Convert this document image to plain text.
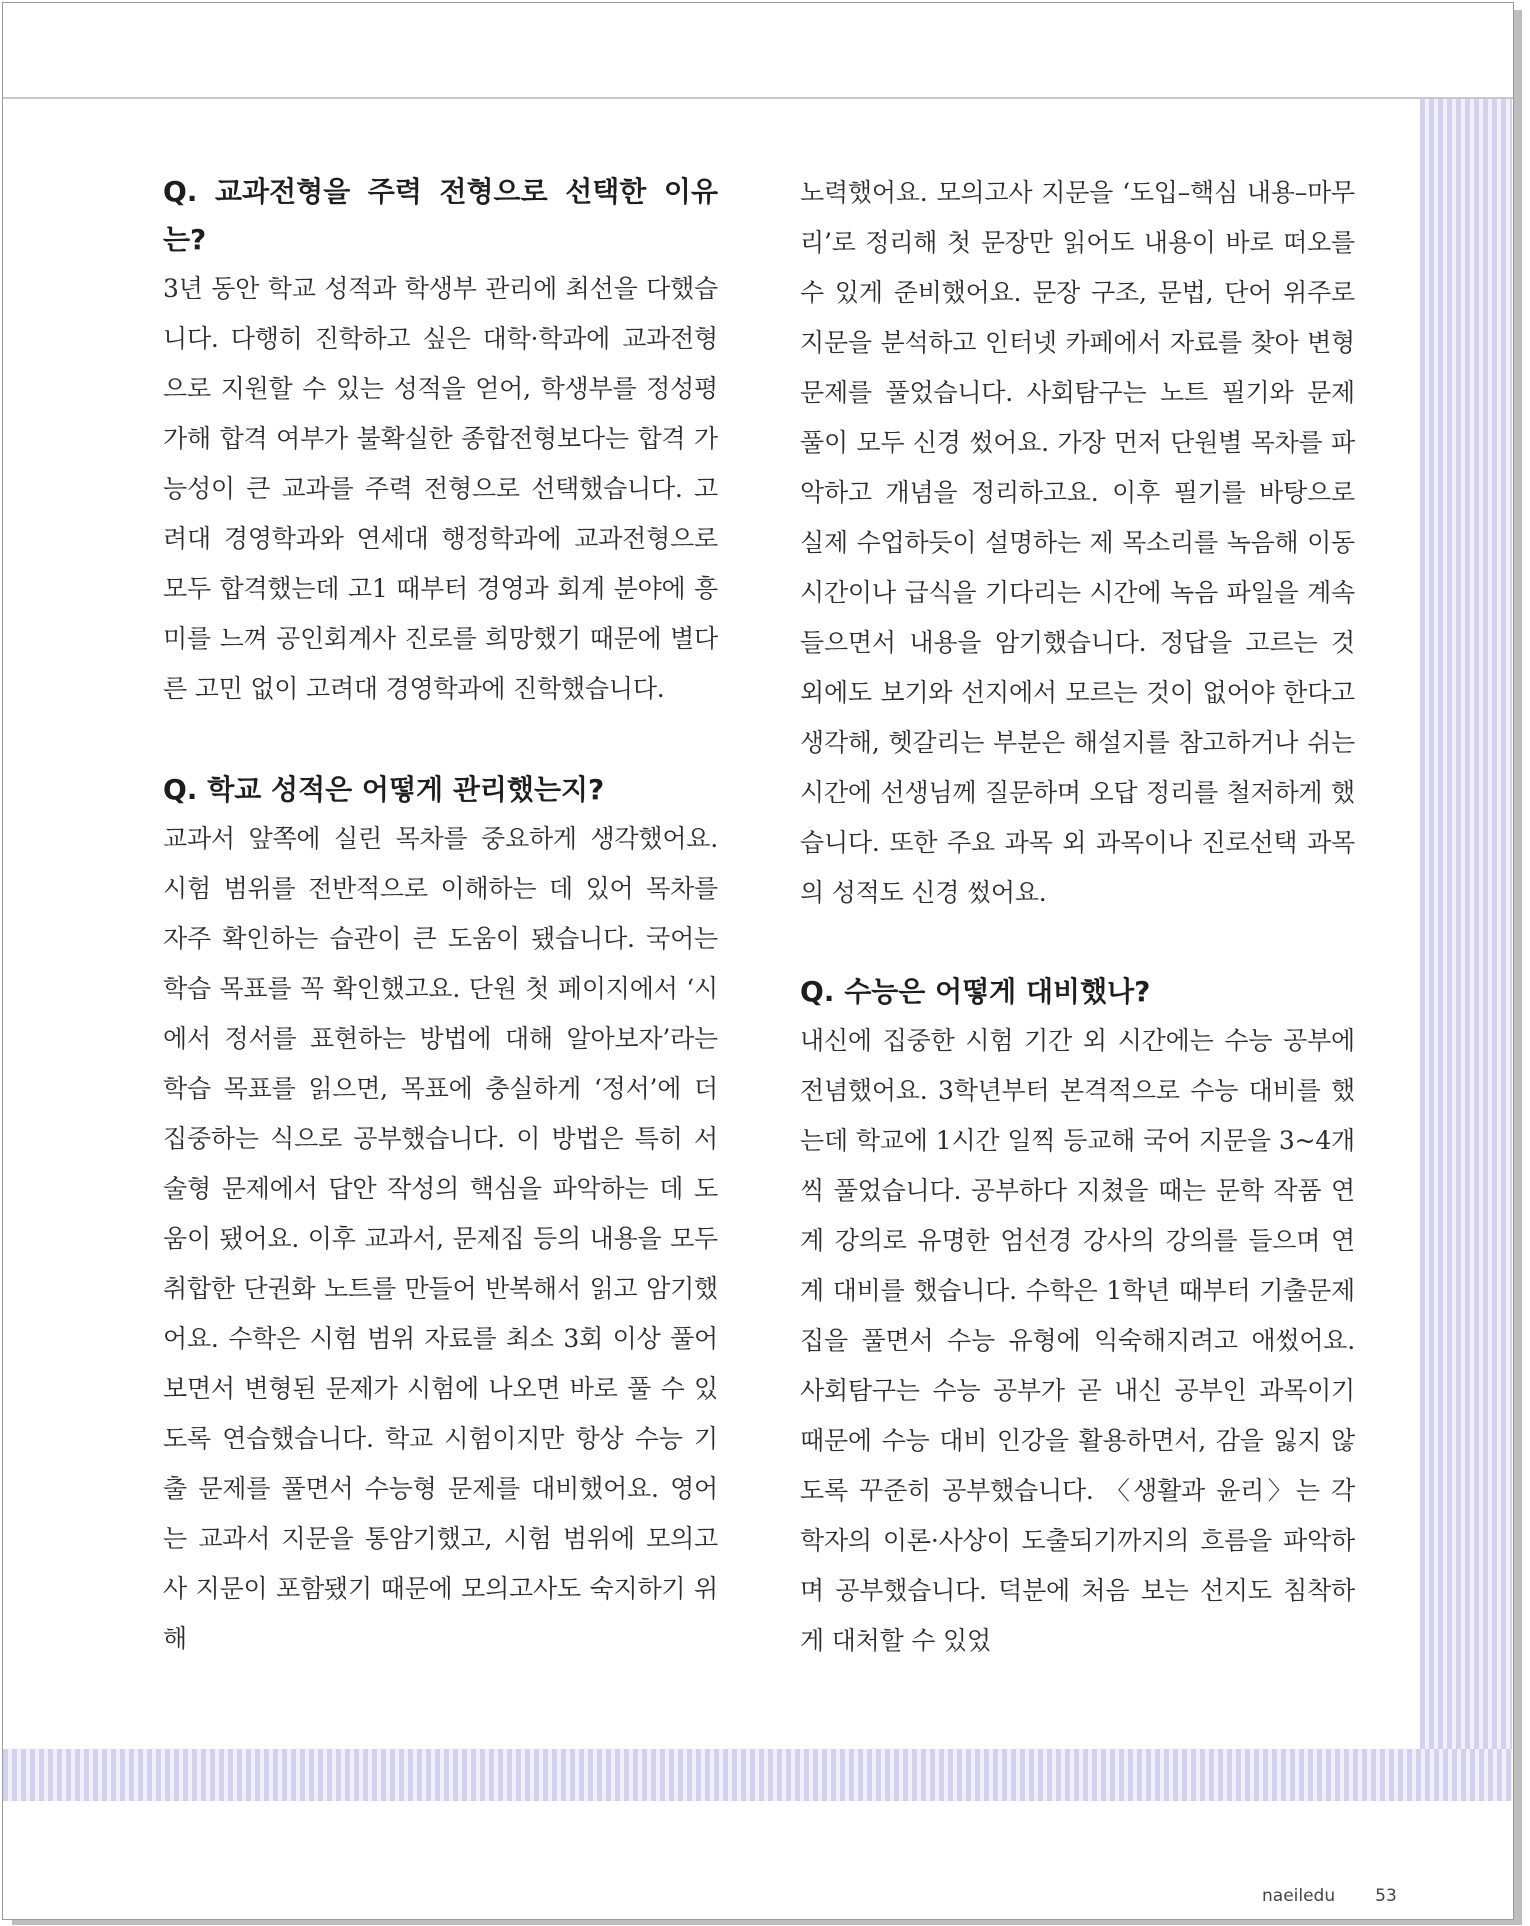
Q. 교과전형을 주력 전형으로 선택한 이유는?

3년 동안 학교 성적과 학생부 관리에 최선을 다했습니다. 다행히 진학하고 싶은 대학·학과에 교과전형으로 지원할 수 있는 성적을 얻어, 학생부를 정성평가해 합격 여부가 불확실한 종합전형보다는 합격 가능성이 큰 교과를 주력 전형으로 선택했습니다. 고려대 경영학과와 연세대 행정학과에 교과전형으로 모두 합격했는데 고1 때부터 경영과 회계 분야에 흥미를 느껴 공인회계사 진로를 희망했기 때문에 별다른 고민 없이 고려대 경영학과에 진학했습니다.

Q. 학교 성적은 어떻게 관리했는지?

교과서 앞쪽에 실린 목차를 중요하게 생각했어요. 시험 범위를 전반적으로 이해하는 데 있어 목차를 자주 확인하는 습관이 큰 도움이 됐습니다. 국어는 학습 목표를 꼭 확인했고요. 단원 첫 페이지에서 ‘시에서 정서를 표현하는 방법에 대해 알아보자’라는 학습 목표를 읽으면, 목표에 충실하게 ‘정서’에 더 집중하는 식으로 공부했습니다. 이 방법은 특히 서술형 문제에서 답안 작성의 핵심을 파악하는 데 도움이 됐어요. 이후 교과서, 문제집 등의 내용을 모두 취합한 단권화 노트를 만들어 반복해서 읽고 암기했어요. 수학은 시험 범위 자료를 최소 3회 이상 풀어보면서 변형된 문제가 시험에 나오면 바로 풀 수 있도록 연습했습니다. 학교 시험이지만 항상 수능 기출 문제를 풀면서 수능형 문제를 대비했어요. 영어는 교과서 지문을 통암기했고, 시험 범위에 모의고사 지문이 포함됐기 때문에 모의고사도 숙지하기 위해

노력했어요. 모의고사 지문을 ‘도입–핵심 내용–마무리’로 정리해 첫 문장만 읽어도 내용이 바로 떠오를 수 있게 준비했어요. 문장 구조, 문법, 단어 위주로 지문을 분석하고 인터넷 카페에서 자료를 찾아 변형 문제를 풀었습니다. 사회탐구는 노트 필기와 문제 풀이 모두 신경 썼어요. 가장 먼저 단원별 목차를 파악하고 개념을 정리하고요. 이후 필기를 바탕으로 실제 수업하듯이 설명하는 제 목소리를 녹음해 이동 시간이나 급식을 기다리는 시간에 녹음 파일을 계속 들으면서 내용을 암기했습니다. 정답을 고르는 것 외에도 보기와 선지에서 모르는 것이 없어야 한다고 생각해, 헷갈리는 부분은 해설지를 참고하거나 쉬는 시간에 선생님께 질문하며 오답 정리를 철저하게 했습니다. 또한 주요 과목 외 과목이나 진로선택 과목의 성적도 신경 썼어요.

Q. 수능은 어떻게 대비했나?

내신에 집중한 시험 기간 외 시간에는 수능 공부에 전념했어요. 3학년부터 본격적으로 수능 대비를 했는데 학교에 1시간 일찍 등교해 국어 지문을 3~4개씩 풀었습니다. 공부하다 지쳤을 때는 문학 작품 연계 강의로 유명한 엄선경 강사의 강의를 들으며 연계 대비를 했습니다. 수학은 1학년 때부터 기출문제집을 풀면서 수능 유형에 익숙해지려고 애썼어요. 사회탐구는 수능 공부가 곧 내신 공부인 과목이기 때문에 수능 대비 인강을 활용하면서, 감을 잃지 않도록 꾸준히 공부했습니다. 〈생활과 윤리〉는 각 학자의 이론·사상이 도출되기까지의 흐름을 파악하며 공부했습니다. 덕분에 처음 보는 선지도 침착하게 대처할 수 있었

naeiledu 53
